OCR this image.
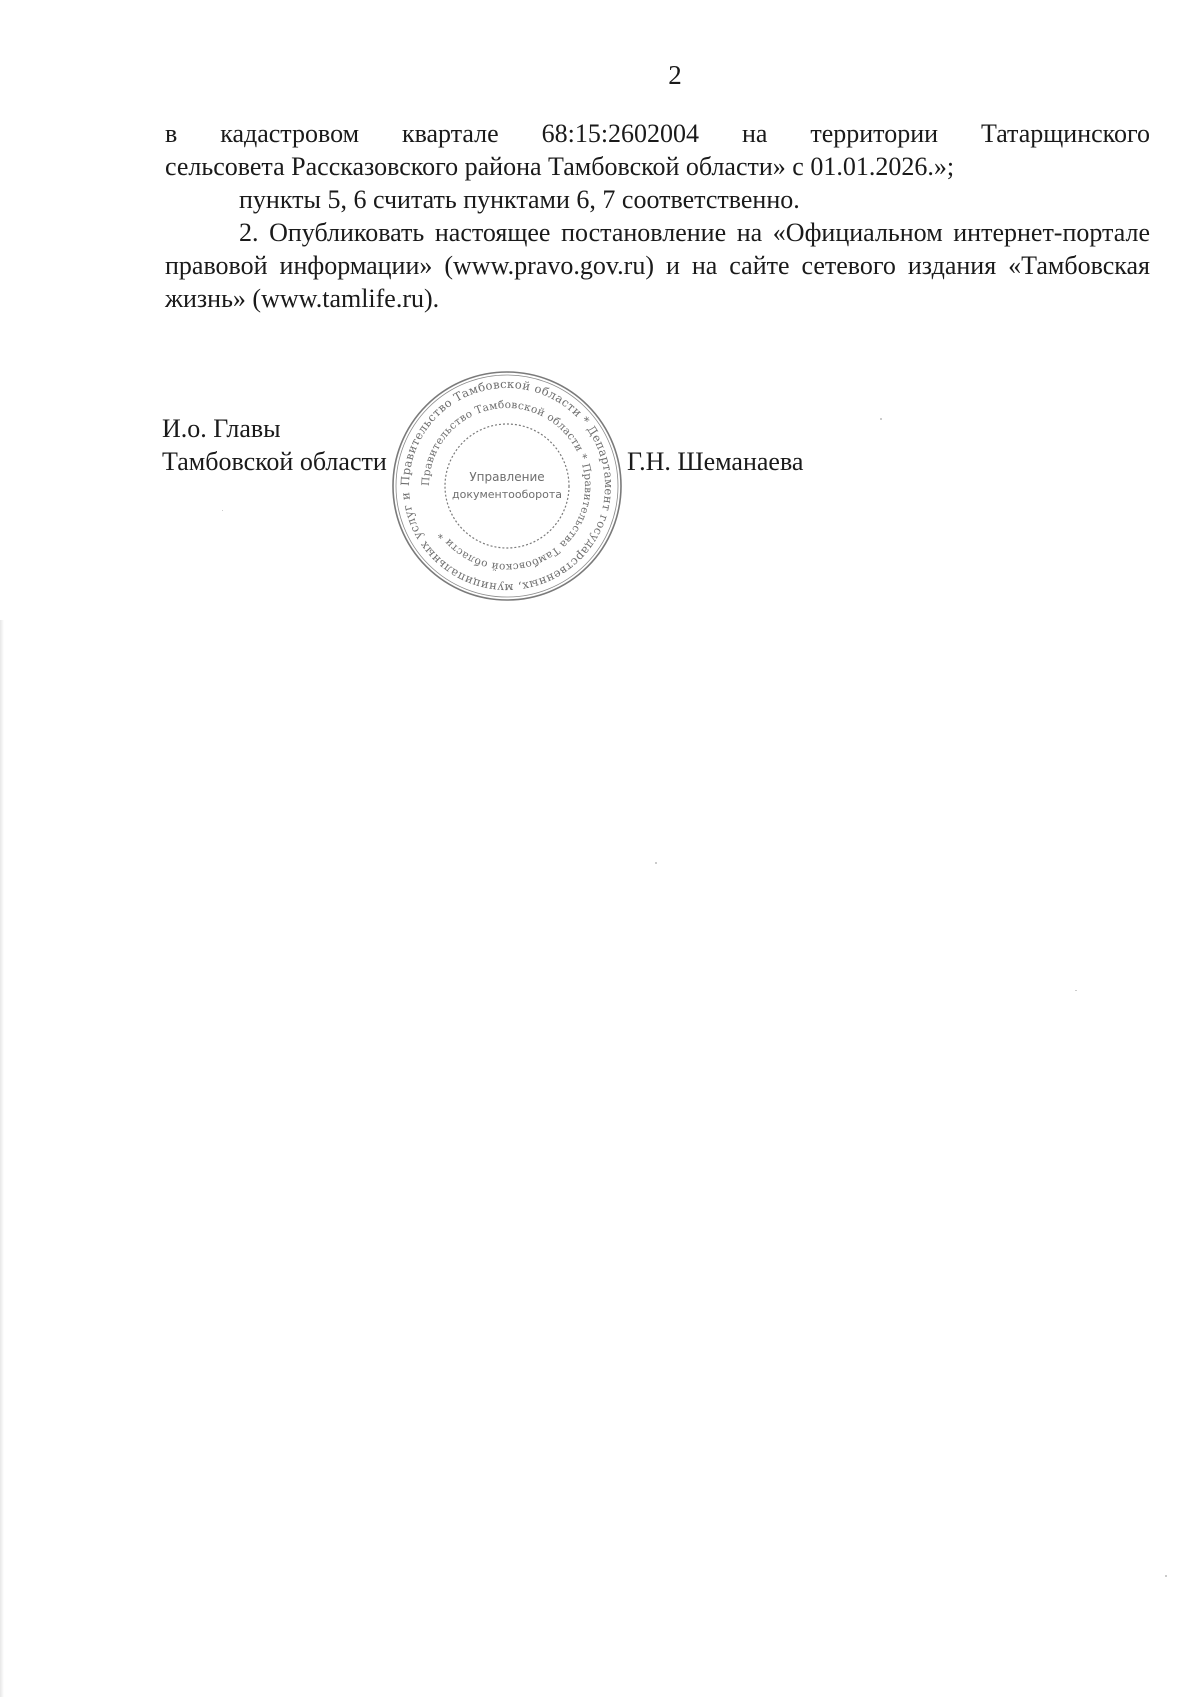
2

в кадастровом квартале 68:15:2602004 на территории Татарщинского

сельсовета Рассказовского района Тамбовской области» с 01.01.2026.»;

пункты 5, 6 считать пунктами 6, 7 соответственно.

2. Опубликовать настоящее постановление на «Официальном интернет-портале правовой информации» (www.pravo.gov.ru) и на сайте сетевого издания «Тамбовская жизнь» (www.tamlife.ru).

И.о. Главы
Тамбовской области	Г.Н. Шеманаева
Правительство Тамбовской области * Департамент государственных, муниципальных услуг и
Правительство Тамбовской области * Правительства Тамбовской области *
Управление
документооборота
